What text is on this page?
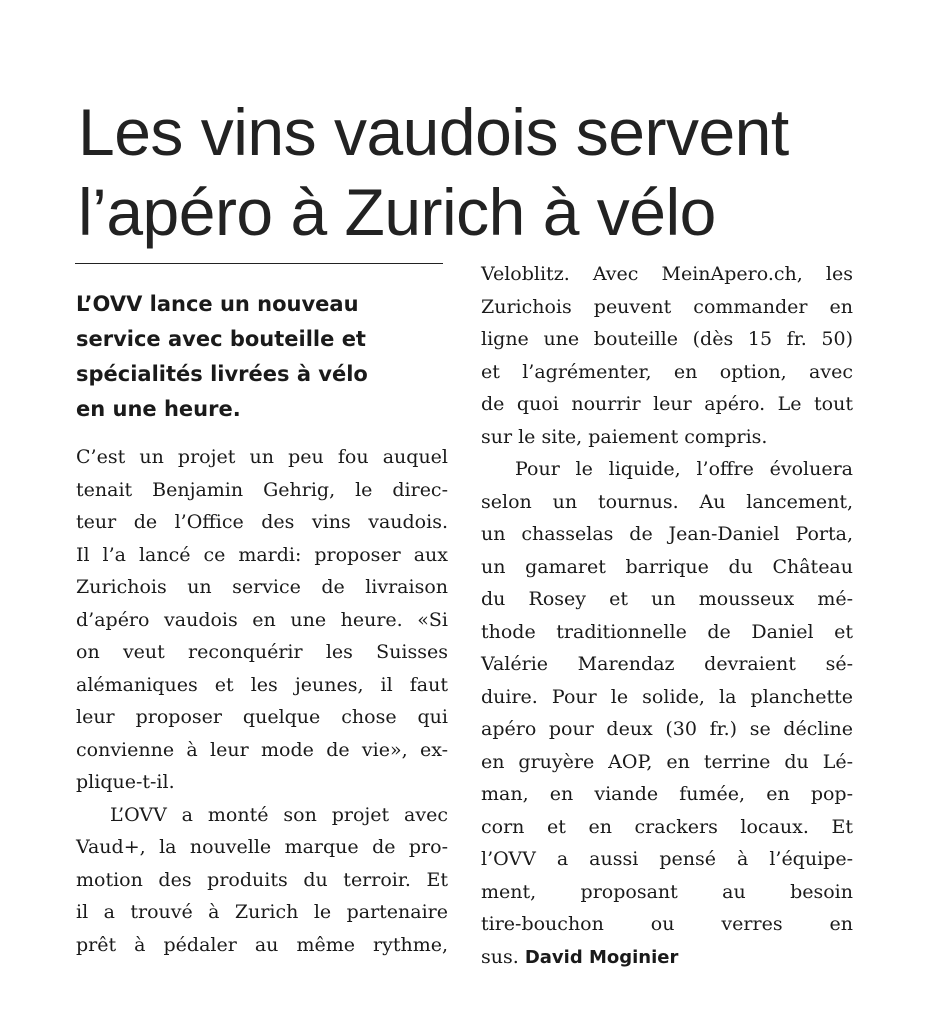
Les vins vaudois servent
l’apéro à Zurich à vélo
L’OVV lance un nouveau
service avec bouteille et
spécialités livrées à vélo
en une heure.
C’est un projet un peu fou auquel
tenait Benjamin Gehrig, le direc-
teur de l’Office des vins vaudois.
Il l’a lancé ce mardi: proposer aux
Zurichois un service de livraison
d’apéro vaudois en une heure. «Si
on veut reconquérir les Suisses
alémaniques et les jeunes, il faut
leur proposer quelque chose qui
convienne à leur mode de vie», ex-
plique-t-il.
L’OVV a monté son projet avec
Vaud+, la nouvelle marque de pro-
motion des produits du terroir. Et
il a trouvé à Zurich le partenaire
prêt à pédaler au même rythme,
Veloblitz. Avec MeinApero.ch, les
Zurichois peuvent commander en
ligne une bouteille (dès 15 fr. 50)
et l’agrémenter, en option, avec
de quoi nourrir leur apéro. Le tout
sur le site, paiement compris.
Pour le liquide, l’offre évoluera
selon un tournus. Au lancement,
un chasselas de Jean-Daniel Porta,
un gamaret barrique du Château
du Rosey et un mousseux mé-
thode traditionnelle de Daniel et
Valérie Marendaz devraient sé-
duire. Pour le solide, la planchette
apéro pour deux (30 fr.) se décline
en gruyère AOP, en terrine du Lé-
man, en viande fumée, en pop-
corn et en crackers locaux. Et
l’OVV a aussi pensé à l’équipe-
ment, proposant au besoin
tire-bouchon ou verres en
sus. David Moginier
